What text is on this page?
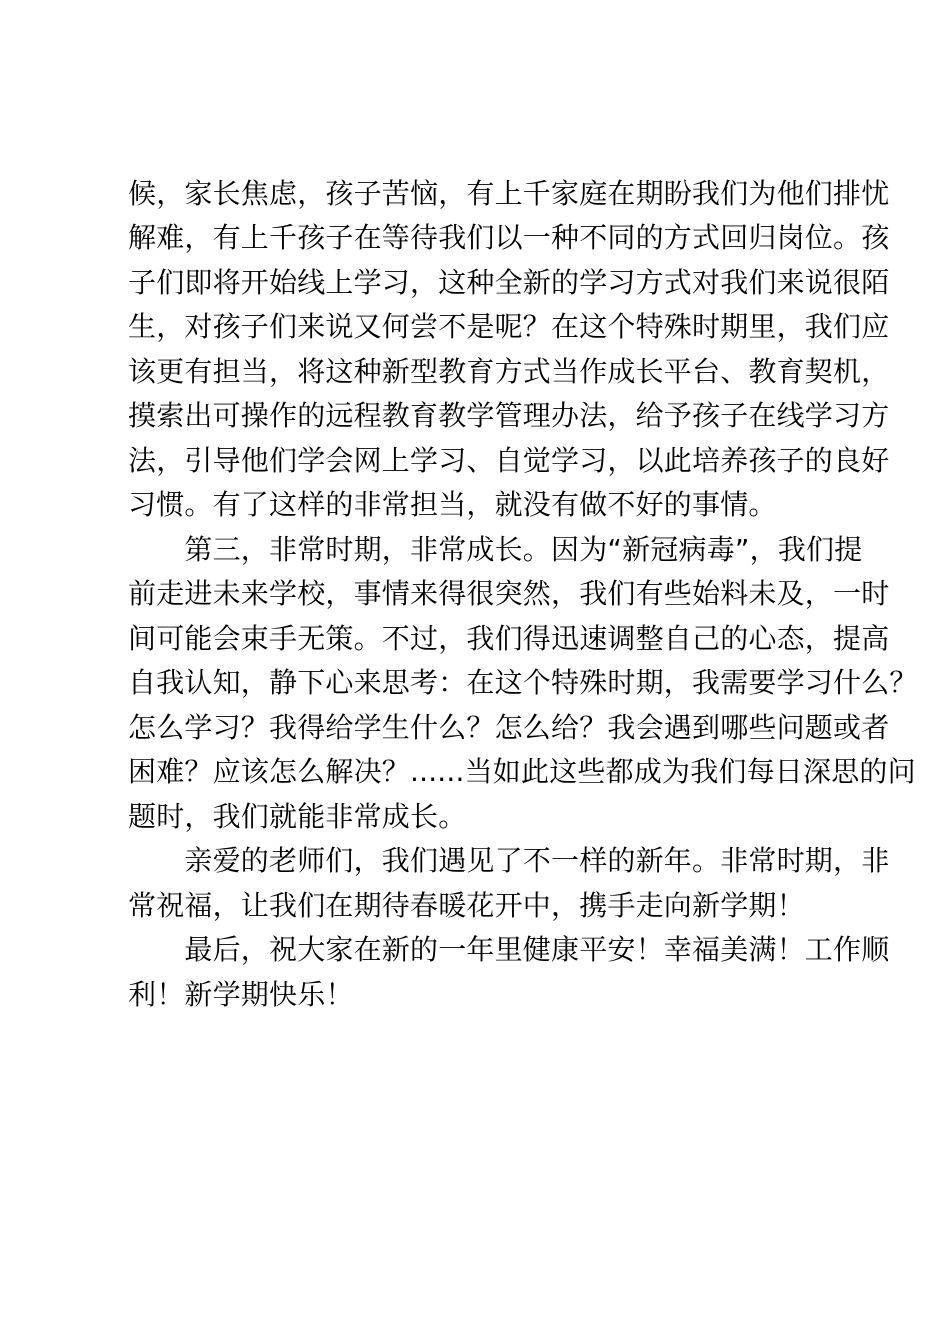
候，家长焦虑，孩子苦恼，有上千家庭在期盼我们为他们排忧
解难，有上千孩子在等待我们以一种不同的方式回归岗位。孩
子们即将开始线上学习，这种全新的学习方式对我们来说很陌
生，对孩子们来说又何尝不是呢？在这个特殊时期里，我们应
该更有担当，将这种新型教育方式当作成长平台、教育契机，
摸索出可操作的远程教育教学管理办法，给予孩子在线学习方
法，引导他们学会网上学习、自觉学习，以此培养孩子的良好
习惯。有了这样的非常担当，就没有做不好的事情。
　　第三，非常时期，非常成长。因为“新冠病毒”，我们提
前走进未来学校，事情来得很突然，我们有些始料未及，一时
间可能会束手无策。不过，我们得迅速调整自己的心态，提高
自我认知，静下心来思考：在这个特殊时期，我需要学习什么？
怎么学习？我得给学生什么？怎么给？我会遇到哪些问题或者
困难？应该怎么解决？......当如此这些都成为我们每日深思的问
题时，我们就能非常成长。
　　亲爱的老师们，我们遇见了不一样的新年。非常时期，非
常祝福，让我们在期待春暖花开中，携手走向新学期！
　　最后，祝大家在新的一年里健康平安！幸福美满！工作顺
利！新学期快乐！
